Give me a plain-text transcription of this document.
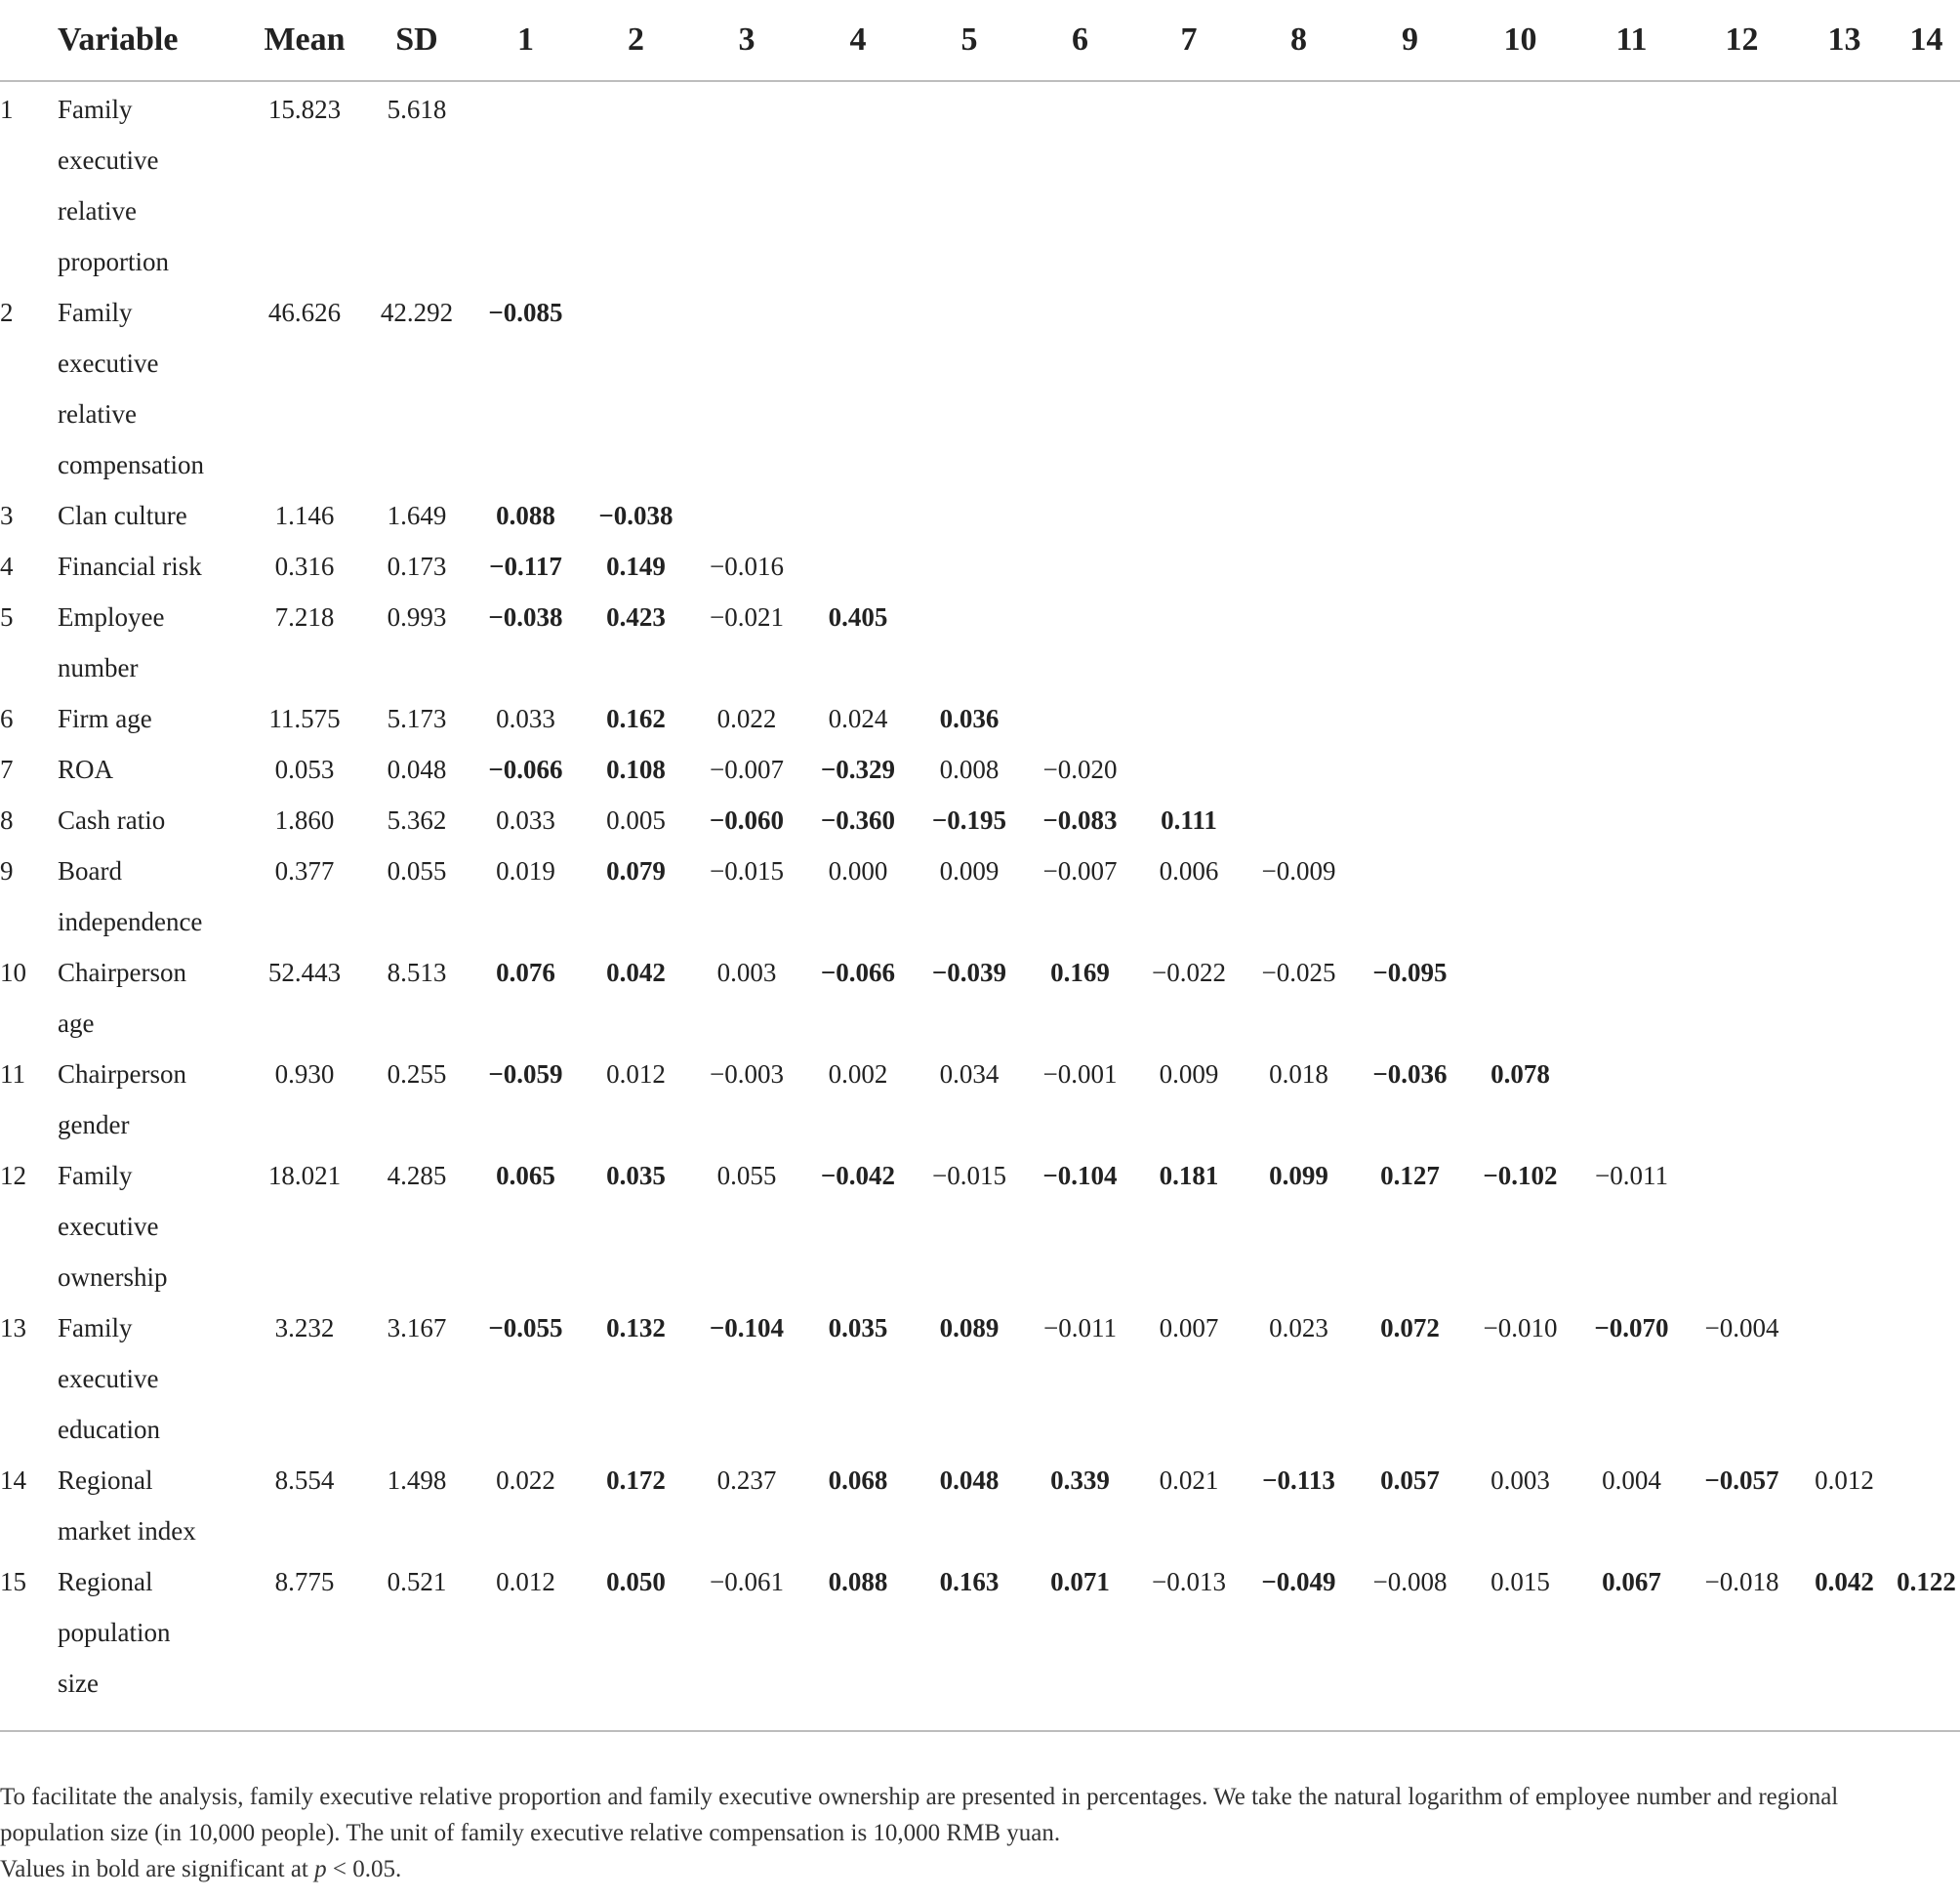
	Variable	Mean	SD	1	2	3	4	5	6	7	8	9	10	11	12	13	14
1	Family
executive
relative
proportion	15.823	5.618														
2	Family
executive
relative
compensation	46.626	42.292	−0.085													
3	Clan culture	1.146	1.649	0.088	−0.038												
4	Financial risk	0.316	0.173	−0.117	0.149	−0.016											
5	Employee
number	7.218	0.993	−0.038	0.423	−0.021	0.405										
6	Firm age	11.575	5.173	0.033	0.162	0.022	0.024	0.036									
7	ROA	0.053	0.048	−0.066	0.108	−0.007	−0.329	0.008	−0.020								
8	Cash ratio	1.860	5.362	0.033	0.005	−0.060	−0.360	−0.195	−0.083	0.111							
9	Board
independence	0.377	0.055	0.019	0.079	−0.015	0.000	0.009	−0.007	0.006	−0.009						
10	Chairperson
age	52.443	8.513	0.076	0.042	0.003	−0.066	−0.039	0.169	−0.022	−0.025	−0.095					
11	Chairperson
gender	0.930	0.255	−0.059	0.012	−0.003	0.002	0.034	−0.001	0.009	0.018	−0.036	0.078				
12	Family
executive
ownership	18.021	4.285	0.065	0.035	0.055	−0.042	−0.015	−0.104	0.181	0.099	0.127	−0.102	−0.011			
13	Family
executive
education	3.232	3.167	−0.055	0.132	−0.104	0.035	0.089	−0.011	0.007	0.023	0.072	−0.010	−0.070	−0.004		
14	Regional
market index	8.554	1.498	0.022	0.172	0.237	0.068	0.048	0.339	0.021	−0.113	0.057	0.003	0.004	−0.057	0.012	
15	Regional
population
size	8.775	0.521	0.012	0.050	−0.061	0.088	0.163	0.071	−0.013	−0.049	−0.008	0.015	0.067	−0.018	0.042	0.122

To facilitate the analysis, family executive relative proportion and family executive ownership are presented in percentages. We take the natural logarithm of employee number and regional population size (in 10,000 people). The unit of family executive relative compensation is 10,000 RMB yuan.

Values in bold are significant at p < 0.05.
